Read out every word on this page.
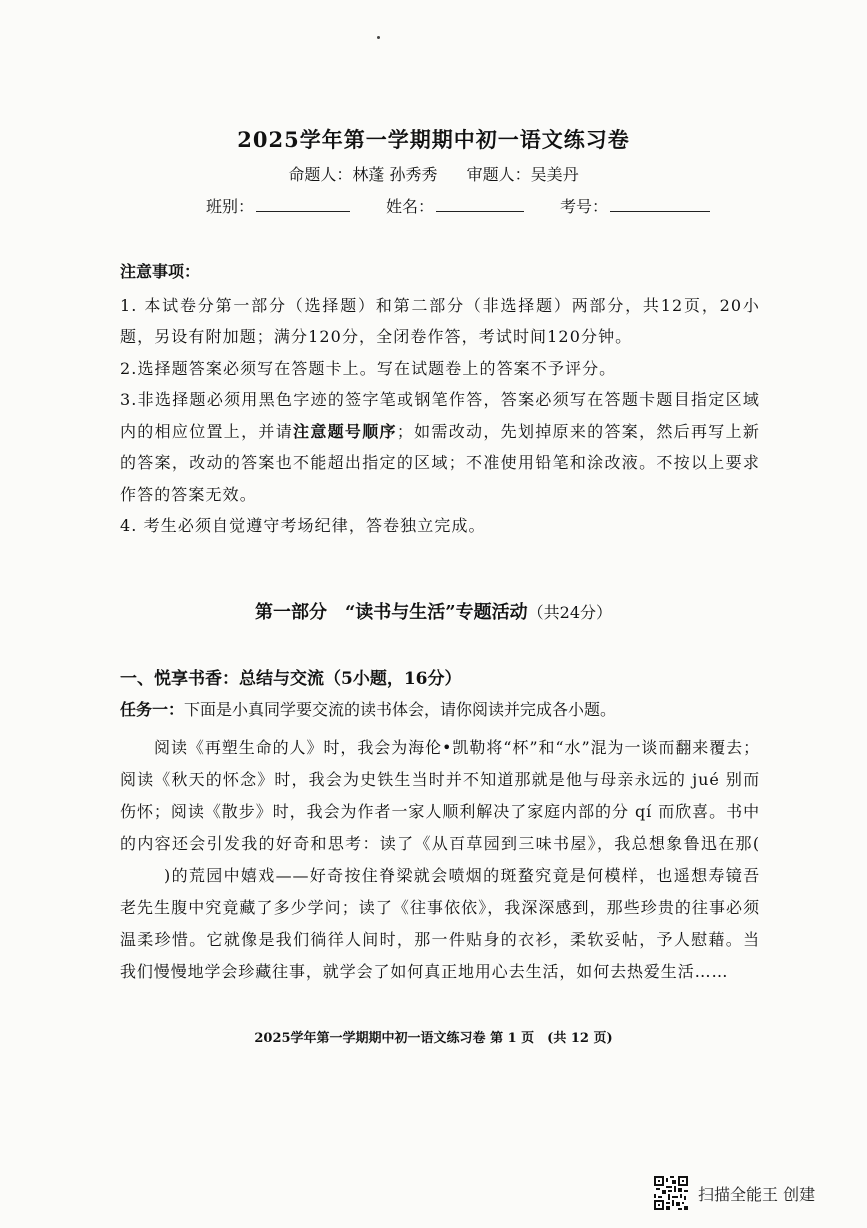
2025学年第一学期期中初一语文练习卷
命题人：林蓬 孙秀秀 审题人：吴美丹
班别：	姓名：	考号：
注意事项：

1. 本试卷分第一部分（选择题）和第二部分（非选择题）两部分，共12页，20小题，另设有附加题；满分120分，全闭卷作答，考试时间120分钟。

2.选择题答案必须写在答题卡上。写在试题卷上的答案不予评分。

3.非选择题必须用黑色字迹的签字笔或钢笔作答，答案必须写在答题卡题目指定区域内的相应位置上，并请注意题号顺序；如需改动，先划掉原来的答案，然后再写上新的答案，改动的答案也不能超出指定的区域；不准使用铅笔和涂改液。不按以上要求作答的答案无效。

4. 考生必须自觉遵守考场纪律，答卷独立完成。

第一部分　“读书与生活”专题活动（共24分）
一、悦享书香：总结与交流（5小题，16分）
任务一：下面是小真同学要交流的读书体会，请你阅读并完成各小题。

阅读《再塑生命的人》时，我会为海伦•凯勒将“杯”和“水”混为一谈而翻来覆去；阅读《秋天的怀念》时，我会为史铁生当时并不知道那就是他与母亲永远的 jué 别而伤怀；阅读《散步》时，我会为作者一家人顺利解决了家庭内部的分 qí 而欣喜。书中的内容还会引发我的好奇和思考：读了《从百草园到三味书屋》，我总想象鲁迅在那()的荒园中嬉戏——好奇按住脊梁就会喷烟的斑蝥究竟是何模样，也遥想寿镜吾老先生腹中究竟藏了多少学问；读了《往事依依》，我深深感到，那些珍贵的往事必须温柔珍惜。它就像是我们徜徉人间时，那一件贴身的衣衫，柔软妥帖，予人慰藉。当我们慢慢地学会珍藏往事，就学会了如何真正地用心去生活，如何去热爱生活……

2025学年第一学期期中初一语文练习卷 第 1 页　(共 12 页)
扫描全能王 创建
